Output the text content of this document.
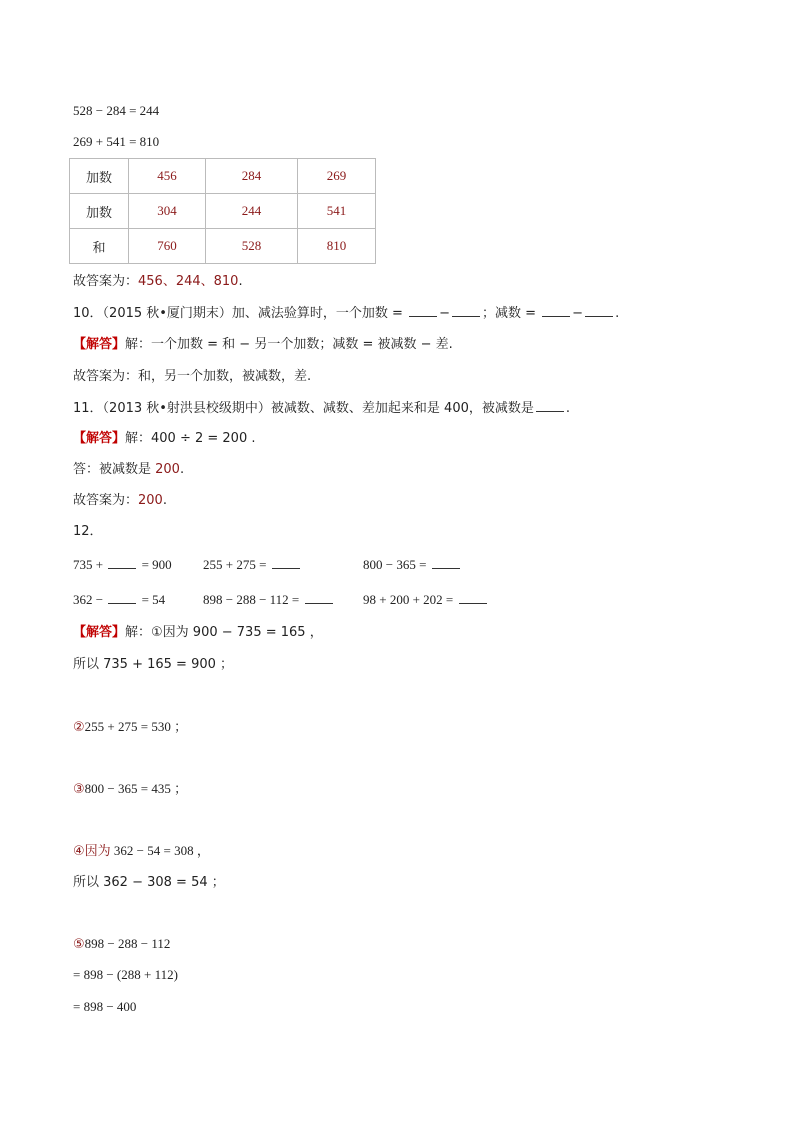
528 − 284 = 244
269 + 541 = 810
加数	456	284	269
加数	304	244	541
和	760	528	810
故答案为：456、244、810.
10．（2015 秋•厦门期末）加、减法验算时，一个加数 = − ；减数 = − .
【解答】解：一个加数 = 和 − 另一个加数；减数 = 被减数 − 差.
故答案为：和，另一个加数，被减数，差.
11．（2013 秋•射洪县校级期中）被减数、减数、差加起来和是 400，被减数是 .
【解答】解：400 ÷ 2 = 200 .
答：被减数是 200.
故答案为：200.
12．
735 +  = 900 255 + 275 =	800 − 365 =
362 −  = 54	898 − 288 − 112 =	98 + 200 + 202 =
【解答】解：①因为 900 − 735 = 165 ，
所以 735 + 165 = 900 ；
②255 + 275 = 530 ；
③800 − 365 = 435 ；
④因为 362 − 54 = 308 ，
所以 362 − 308 = 54 ；
⑤898 − 288 − 112
= 898 − (288 + 112)
= 898 − 400
